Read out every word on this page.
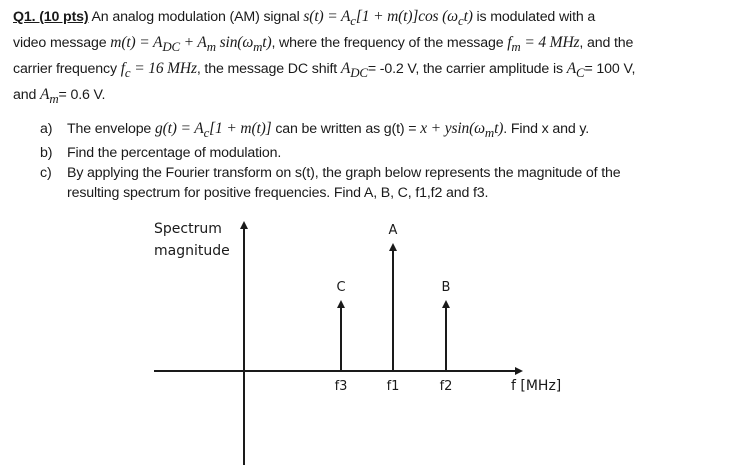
Q1. (10 pts) An analog modulation (AM) signal $s(t) = A_c[1 + m(t)]\cos$ $(\omega_ct)$ is modulated with a
video message $m(t) = A_{DC} + A_m$ $\sin(\omega_mt)$, where the frequency of the message $f_m = 4$ MHz, and the
carrier frequency $f_c = 16$ MHz, the message DC shift $A_{DC}= -0.2$ V, the carrier amplitude is $A_C= 100$ V,
and $A_m= 0.6$ V.
a) The envelope $g(t) = A_c[1 + m(t)]$ can be written as $g(t) = x + ysin(\omega_mt)$. Find x and y.
b) Find the percentage of modulation.
c) By applying the Fourier transform on s(t), the graph below represents the magnitude of the
resulting spectrum for positive frequencies. Find A, B, C, f1,f2 and f3.
Spectrum
magnitude
f [MHz]
C
f3
A
f1
B
f2
